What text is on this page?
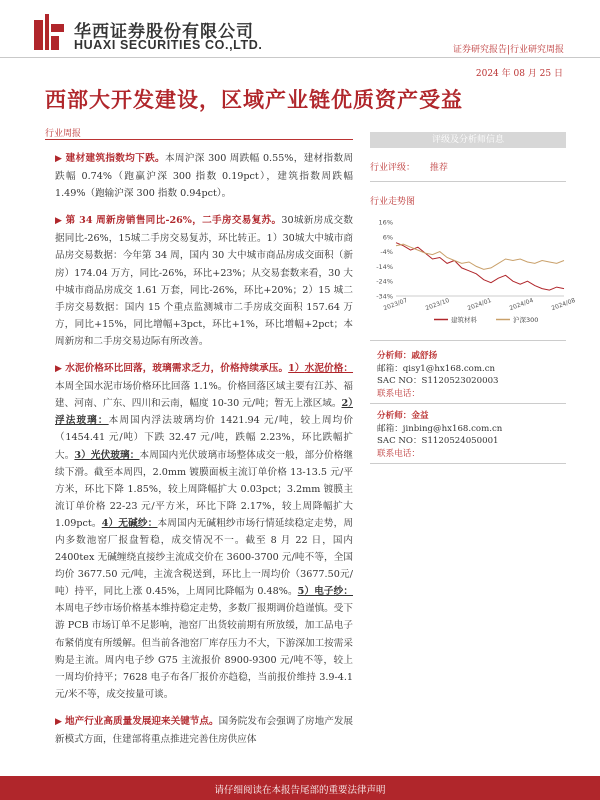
华西证券股份有限公司
HUAXI SECURITIES CO.,LTD.	证券研究报告|行业研究周报
2024 年 08 月 25 日
西部大开发建设，区域产业链优质资产受益
行业周报

▶ 建材建筑指数均下跌。本周沪深 300 周跌幅 0.55%，建材指数周跌幅 0.74%（跑赢沪深 300 指数 0.19pct），建筑指数周跌幅 1.49%（跑输沪深 300 指数 0.94pct）。

▶ 第 34 周新房销售同比-26%，二手房交易复苏。30城新房成交数据同比-26%，15城二手房交易复苏，环比转正。1）30城大中城市商品房交易数据：今年第 34 周，国内 30 大中城市商品房成交面积（新房）174.04 万方，同比-26%，环比+23%；从交易套数来看，30 大中城市商品房成交 1.61 万套，同比-26%，环比+20%；2）15 城二手房交易数据：国内 15 个重点监测城市二手房成交面积 157.64 万方，同比+15%，同比增幅+3pct，环比+1%，环比增幅+2pct；本周新房和二手房交易边际有所改善。

▶ 水泥价格环比回落，玻璃需求乏力，价格持续承压。1）水泥价格：本周全国水泥市场价格环比回落 1.1%。价格回落区域主要有江苏、福建、河南、广东、四川和云南，幅度 10-30 元/吨；暂无上涨区域。2）浮法玻璃：本周国内浮法玻璃均价 1421.94 元/吨，较上周均价（1454.41 元/吨）下跌 32.47 元/吨，跌幅 2.23%，环比跌幅扩大。3）光伏玻璃：本周国内光伏玻璃市场整体成交一般，部分价格继续下滑。截至本周四，2.0mm 镀膜面板主流订单价格 13-13.5 元/平方米，环比下降 1.85%，较上周降幅扩大 0.03pct；3.2mm 镀膜主流订单价格 22-23 元/平方米，环比下降 2.17%，较上周降幅扩大 1.09pct。4）无碱纱：本周国内无碱粗纱市场行情延续稳定走势，周内多数池窑厂报盘暂稳，成交情况不一。截至 8 月 22 日，国内 2400tex 无碱缠绕直接纱主流成交价在 3600-3700 元/吨不等，全国均价 3677.50 元/吨，主流含税送到，环比上一周均价（3677.50元/吨）持平，同比上涨 0.45%，上周同比降幅为 0.48%。5）电子纱：本周电子纱市场价格基本维持稳定走势，多数厂报期调价趋谨慎。受下游 PCB 市场订单不足影响，池窑厂出货较前期有所放缓，加工品电子布紧俏度有所缓解。但当前各池窑厂库存压力不大，下游深加工按需采购是主流。周内电子纱 G75 主流报价 8900-9300 元/吨不等，较上一周均价持平；7628 电子布各厂报价亦趋稳，当前报价维持 3.9-4.1 元/米不等，成交按量可谈。

▶ 地产行业高质量发展迎来关键节点。国务院发布会强调了房地产发展新模式方面，住建部将重点推进完善住房供应体

评级及分析师信息
行业评级： 推荐
行业走势图
16%
6%
-4%
-14%
-24%
-34%
2023/07	2023/10	2024/01	2024/04	2024/08
建筑材料	沪深300
分析师：戚舒扬
邮箱：qisy1@hx168.com.cn
SAC NO：S1120523020003
联系电话：
分析师：金益
邮箱：jinbing@hx168.com.cn
SAC NO：S1120524050001
联系电话：
请仔细阅读在本报告尾部的重要法律声明
